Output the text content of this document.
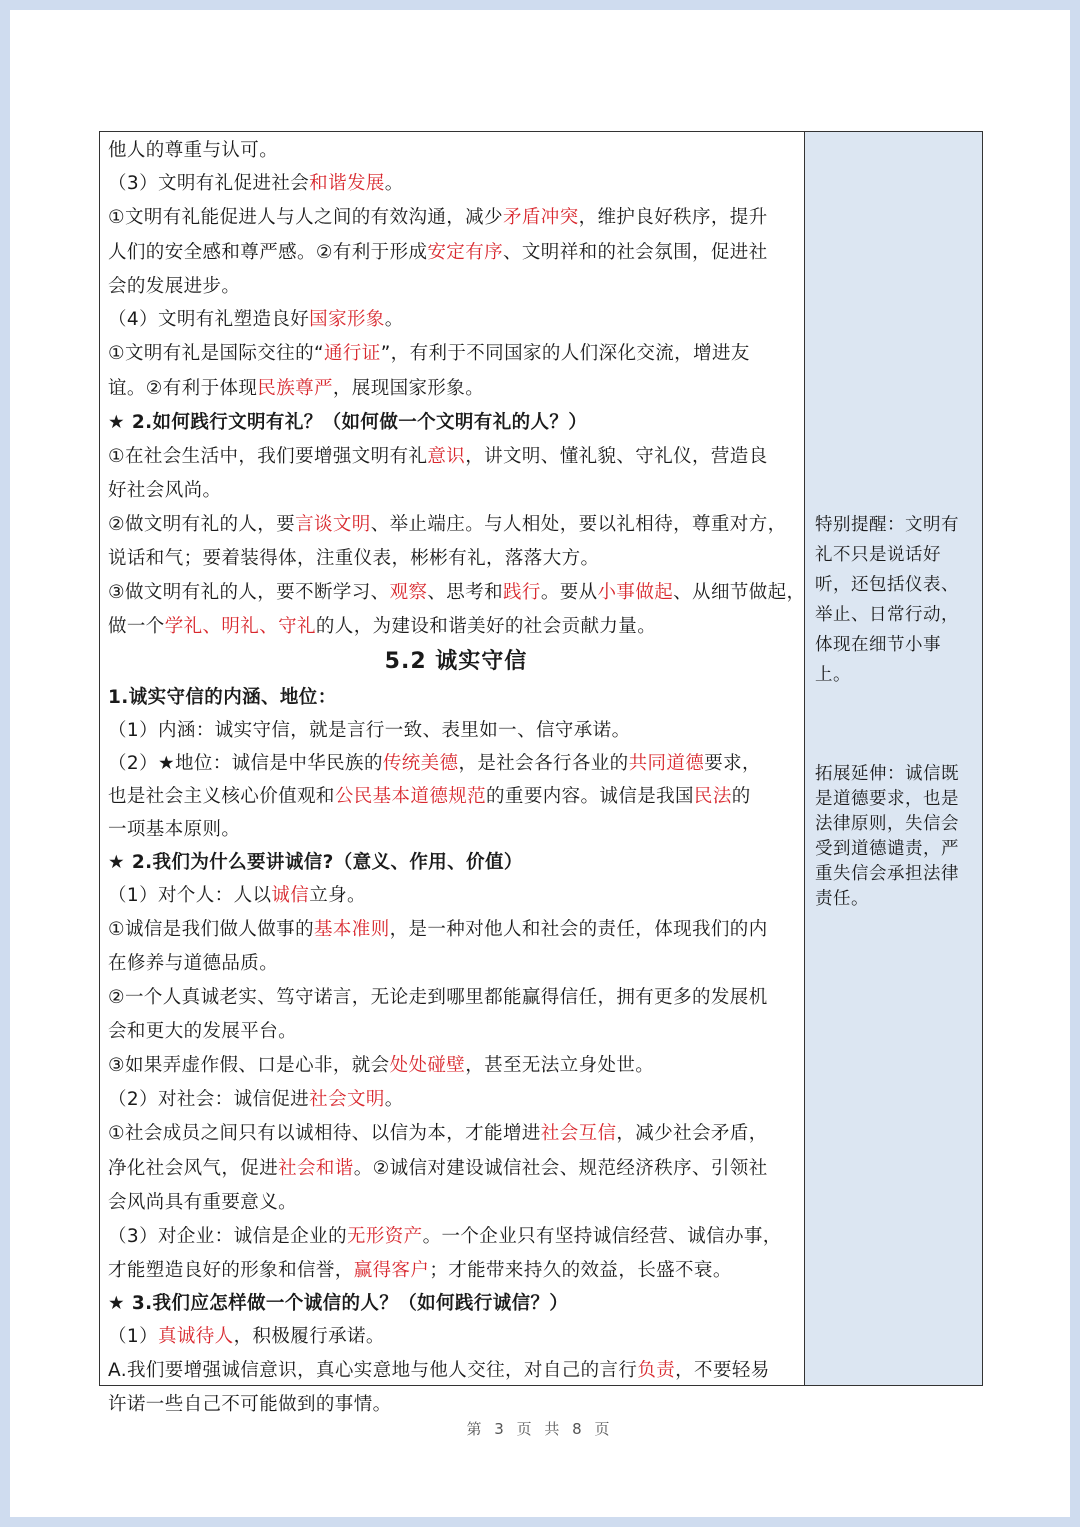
他人的尊重与认可。
（3）文明有礼促进社会和谐发展。
①文明有礼能促进人与人之间的有效沟通，减少矛盾冲突，维护良好秩序，提升
人们的安全感和尊严感。②有利于形成安定有序、文明祥和的社会氛围，促进社
会的发展进步。
（4）文明有礼塑造良好国家形象。
①文明有礼是国际交往的“通行证”，有利于不同国家的人们深化交流，增进友
谊。②有利于体现民族尊严，展现国家形象。
★ 2.如何践行文明有礼？（如何做一个文明有礼的人？）
①在社会生活中，我们要增强文明有礼意识，讲文明、懂礼貌、守礼仪，营造良
好社会风尚。
②做文明有礼的人，要言谈文明、举止端庄。与人相处，要以礼相待，尊重对方，
说话和气；要着装得体，注重仪表，彬彬有礼，落落大方。
③做文明有礼的人，要不断学习、观察、思考和践行。要从小事做起、从细节做起，
做一个学礼、明礼、守礼的人，为建设和谐美好的社会贡献力量。
5.2 诚实守信
1.诚实守信的内涵、地位：
（1）内涵：诚实守信，就是言行一致、表里如一、信守承诺。
（2）★地位：诚信是中华民族的传统美德，是社会各行各业的共同道德要求，
也是社会主义核心价值观和公民基本道德规范的重要内容。诚信是我国民法的
一项基本原则。
★ 2.我们为什么要讲诚信?（意义、作用、价值）
（1）对个人：人以诚信立身。
①诚信是我们做人做事的基本准则，是一种对他人和社会的责任，体现我们的内
在修养与道德品质。
②一个人真诚老实、笃守诺言，无论走到哪里都能赢得信任，拥有更多的发展机
会和更大的发展平台。
③如果弄虚作假、口是心非，就会处处碰壁，甚至无法立身处世。
（2）对社会：诚信促进社会文明。
①社会成员之间只有以诚相待、以信为本，才能增进社会互信，减少社会矛盾，
净化社会风气，促进社会和谐。②诚信对建设诚信社会、规范经济秩序、引领社
会风尚具有重要意义。
（3）对企业：诚信是企业的无形资产。一个企业只有坚持诚信经营、诚信办事，
才能塑造良好的形象和信誉，赢得客户；才能带来持久的效益，长盛不衰。
★ 3.我们应怎样做一个诚信的人？（如何践行诚信？）
（1）真诚待人，积极履行承诺。
A.我们要增强诚信意识，真心实意地与他人交往，对自己的言行负责，不要轻易
许诺一些自己不可能做到的事情。
特别提醒：文明有礼不只是说话好听，还包括仪表、举止、日常行动，体现在细节小事上。
拓展延伸：诚信既是道德要求，也是法律原则，失信会受到道德谴责，严重失信会承担法律责任。
第 3 页 共 8 页
